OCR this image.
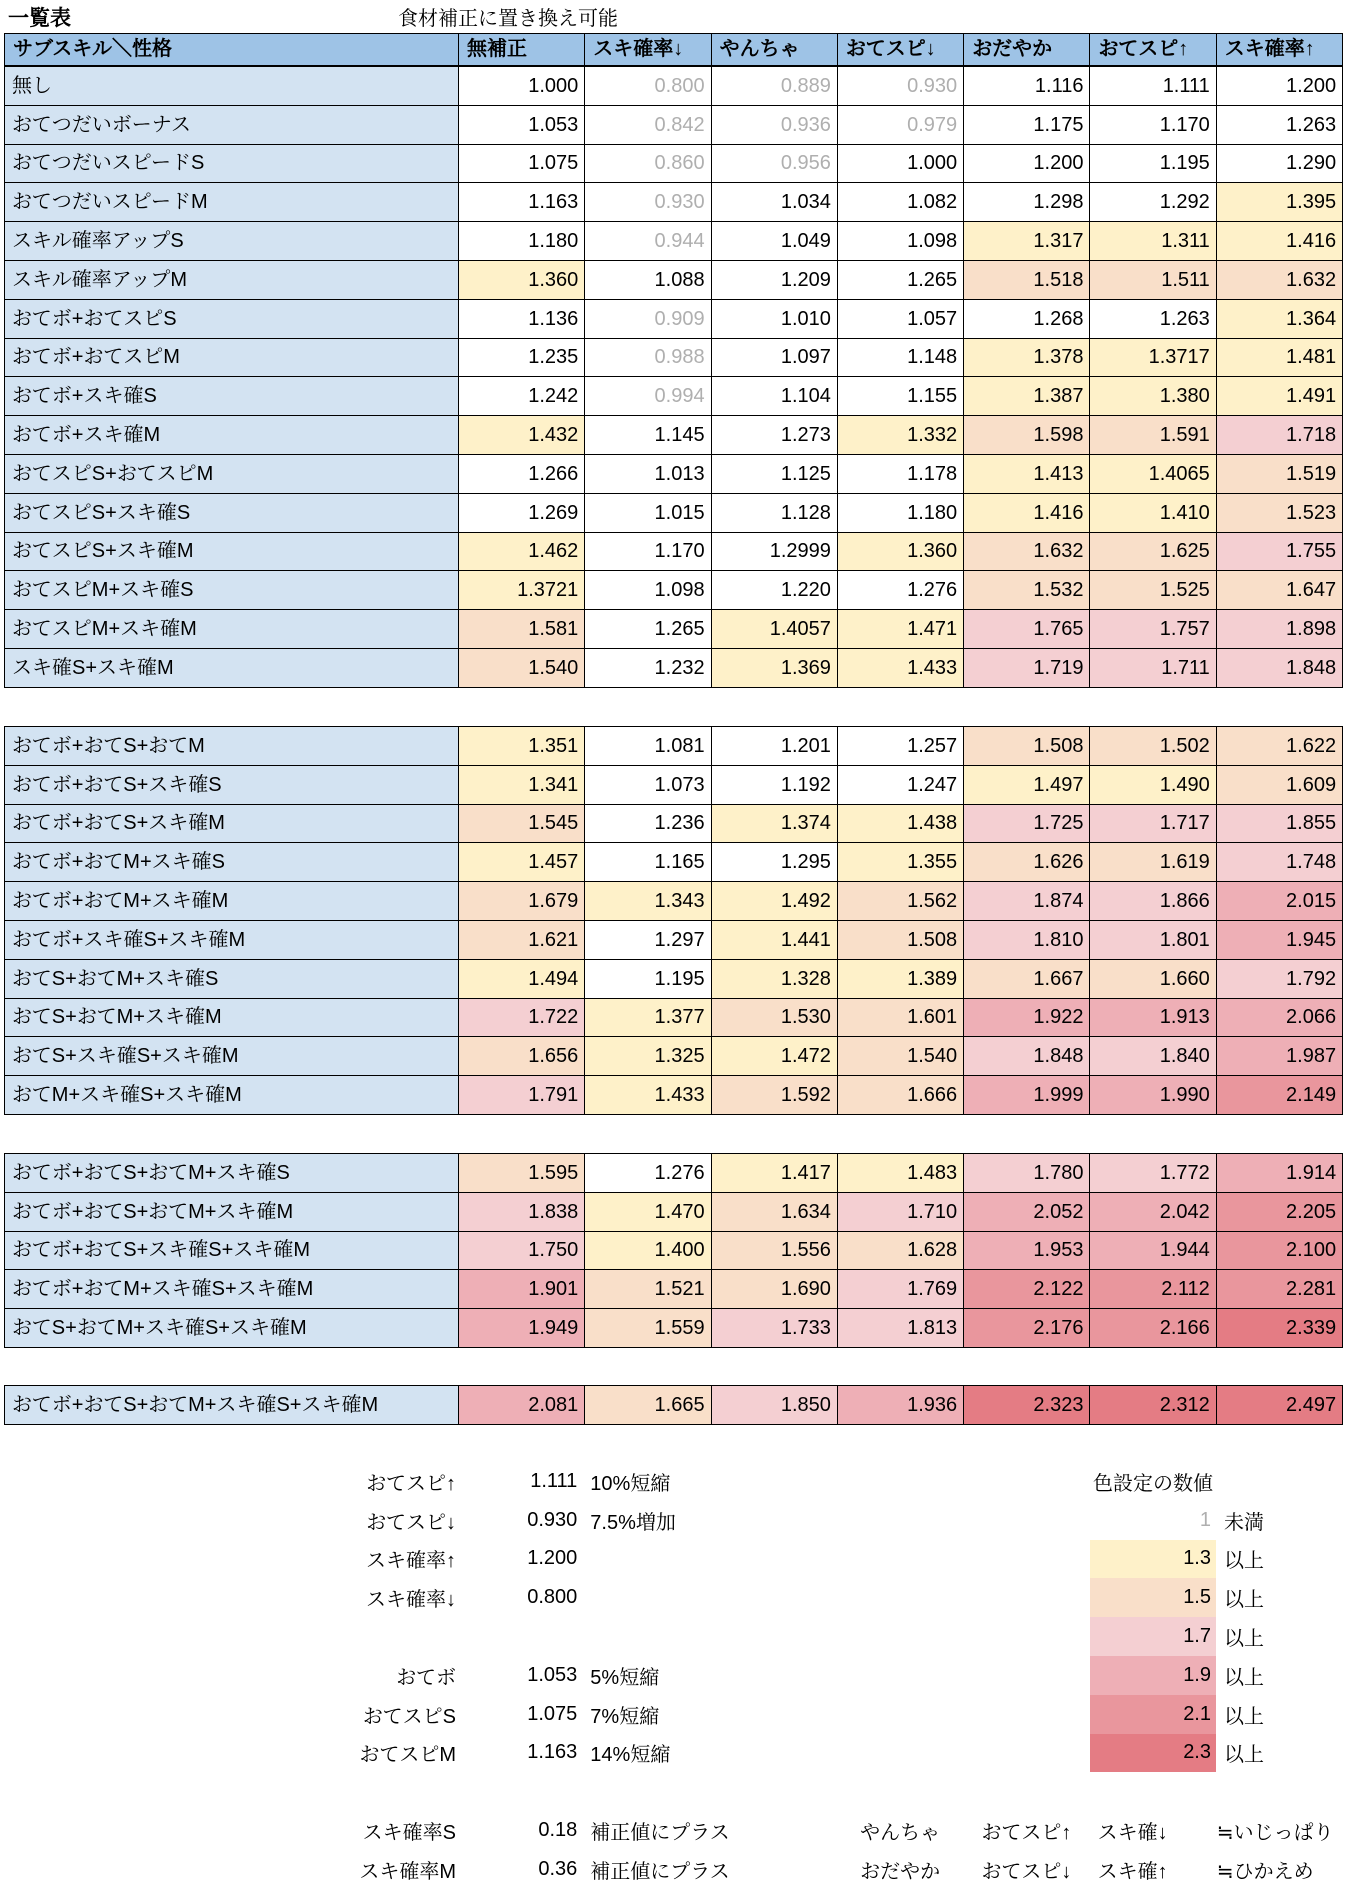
一覧表	食材補正に置き換え可能
サブスキル＼性格	無補正	スキ確率↓	やんちゃ	おてスピ↓	おだやか	おてスピ↑	スキ確率↑
無し	1.000	0.800	0.889	0.930	1.116	1.111	1.200
おてつだいボーナス	1.053	0.842	0.936	0.979	1.175	1.170	1.263
おてつだいスピードS	1.075	0.860	0.956	1.000	1.200	1.195	1.290
おてつだいスピードM	1.163	0.930	1.034	1.082	1.298	1.292	1.395
スキル確率アップS	1.180	0.944	1.049	1.098	1.317	1.311	1.416
スキル確率アップM	1.360	1.088	1.209	1.265	1.518	1.511	1.632
おてボ+おてスピS	1.136	0.909	1.010	1.057	1.268	1.263	1.364
おてボ+おてスピM	1.235	0.988	1.097	1.148	1.378	1.3717	1.481
おてボ+スキ確S	1.242	0.994	1.104	1.155	1.387	1.380	1.491
おてボ+スキ確M	1.432	1.145	1.273	1.332	1.598	1.591	1.718
おてスピS+おてスピM	1.266	1.013	1.125	1.178	1.413	1.4065	1.519
おてスピS+スキ確S	1.269	1.015	1.128	1.180	1.416	1.410	1.523
おてスピS+スキ確M	1.462	1.170	1.2999	1.360	1.632	1.625	1.755
おてスピM+スキ確S	1.3721	1.098	1.220	1.276	1.532	1.525	1.647
おてスピM+スキ確M	1.581	1.265	1.4057	1.471	1.765	1.757	1.898
スキ確S+スキ確M	1.540	1.232	1.369	1.433	1.719	1.711	1.848
おてボ+おてS+おてM	1.351	1.081	1.201	1.257	1.508	1.502	1.622
おてボ+おてS+スキ確S	1.341	1.073	1.192	1.247	1.497	1.490	1.609
おてボ+おてS+スキ確M	1.545	1.236	1.374	1.438	1.725	1.717	1.855
おてボ+おてM+スキ確S	1.457	1.165	1.295	1.355	1.626	1.619	1.748
おてボ+おてM+スキ確M	1.679	1.343	1.492	1.562	1.874	1.866	2.015
おてボ+スキ確S+スキ確M	1.621	1.297	1.441	1.508	1.810	1.801	1.945
おてS+おてM+スキ確S	1.494	1.195	1.328	1.389	1.667	1.660	1.792
おてS+おてM+スキ確M	1.722	1.377	1.530	1.601	1.922	1.913	2.066
おてS+スキ確S+スキ確M	1.656	1.325	1.472	1.540	1.848	1.840	1.987
おてM+スキ確S+スキ確M	1.791	1.433	1.592	1.666	1.999	1.990	2.149
おてボ+おてS+おてM+スキ確S	1.595	1.276	1.417	1.483	1.780	1.772	1.914
おてボ+おてS+おてM+スキ確M	1.838	1.470	1.634	1.710	2.052	2.042	2.205
おてボ+おてS+スキ確S+スキ確M	1.750	1.400	1.556	1.628	1.953	1.944	2.100
おてボ+おてM+スキ確S+スキ確M	1.901	1.521	1.690	1.769	2.122	2.112	2.281
おてS+おてM+スキ確S+スキ確M	1.949	1.559	1.733	1.813	2.176	2.166	2.339
おてボ+おてS+おてM+スキ確S+スキ確M	2.081	1.665	1.850	1.936	2.323	2.312	2.497
色設定の数値
おてスピ↑	1.111 10%短縮
おてスピ↓	0.930 7.5%増加
スキ確率↑	1.200
スキ確率↓	0.800
おてボ	1.053 5%短縮
おてスピS	1.075 7%短縮
おてスピM	1.163 14%短縮
スキ確率S	0.18 補正値にプラス
スキ確率M	0.36 補正値にプラス
1 未満
1.3 以上
1.5 以上
1.7 以上
1.9 以上
2.1 以上
2.3 以上
やんちゃ	おてスピ↑	スキ確↓	≒いじっぱり
おだやか	おてスピ↓	スキ確↑	≒ひかえめ
